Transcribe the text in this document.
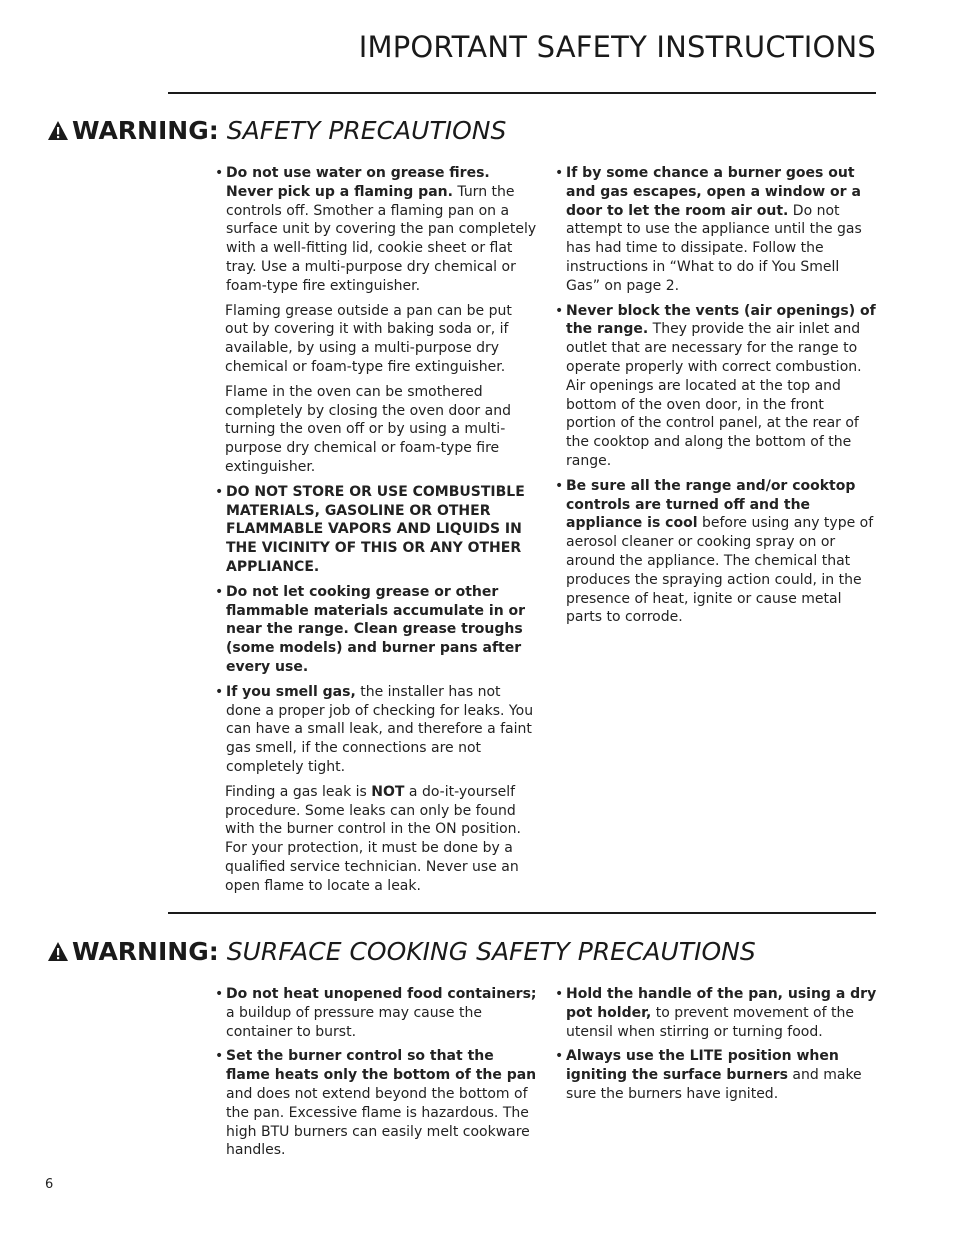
IMPORTANT SAFETY INSTRUCTIONS
WARNING: SAFETY PRECAUTIONS

• Do not use water on grease fires. Never pick up a flaming pan. Turn the controls off. Smother a flaming pan on a surface unit by covering the pan completely with a well-fitting lid, cookie sheet or flat tray. Use a multi-purpose dry chemical or foam-type fire extinguisher.

Flaming grease outside a pan can be put out by covering it with baking soda or, if available, by using a multi-purpose dry chemical or foam-type fire extinguisher.

Flame in the oven can be smothered completely by closing the oven door and turning the oven off or by using a multi-purpose dry chemical or foam-type fire extinguisher.

• DO NOT STORE OR USE COMBUSTIBLE MATERIALS, GASOLINE OR OTHER FLAMMABLE VAPORS AND LIQUIDS IN THE VICINITY OF THIS OR ANY OTHER APPLIANCE.

• Do not let cooking grease or other flammable materials accumulate in or near the range. Clean grease troughs (some models) and burner pans after every use.

• If you smell gas, the installer has not done a proper job of checking for leaks. You can have a small leak, and therefore a faint gas smell, if the connections are not completely tight.

Finding a gas leak is NOT a do-it-yourself procedure. Some leaks can only be found with the burner control in the ON position. For your protection, it must be done by a qualified service technician. Never use an open flame to locate a leak.

• If by some chance a burner goes out and gas escapes, open a window or a door to let the room air out. Do not attempt to use the appliance until the gas has had time to dissipate. Follow the instructions in “What to do if You Smell Gas” on page 2.

• Never block the vents (air openings) of the range. They provide the air inlet and outlet that are necessary for the range to operate properly with correct combustion. Air openings are located at the top and bottom of the oven door, in the front portion of the control panel, at the rear of the cooktop and along the bottom of the range.

• Be sure all the range and/or cooktop controls are turned off and the appliance is cool before using any type of aerosol cleaner or cooking spray on or around the appliance. The chemical that produces the spraying action could, in the presence of heat, ignite or cause metal parts to corrode.

WARNING: SURFACE COOKING SAFETY PRECAUTIONS

• Do not heat unopened food containers; a buildup of pressure may cause the container to burst.

• Set the burner control so that the flame heats only the bottom of the pan and does not extend beyond the bottom of the pan. Excessive flame is hazardous. The high BTU burners can easily melt cookware handles.

• Hold the handle of the pan, using a dry pot holder, to prevent movement of the utensil when stirring or turning food.

• Always use the LITE position when igniting the surface burners and make sure the burners have ignited.

6
